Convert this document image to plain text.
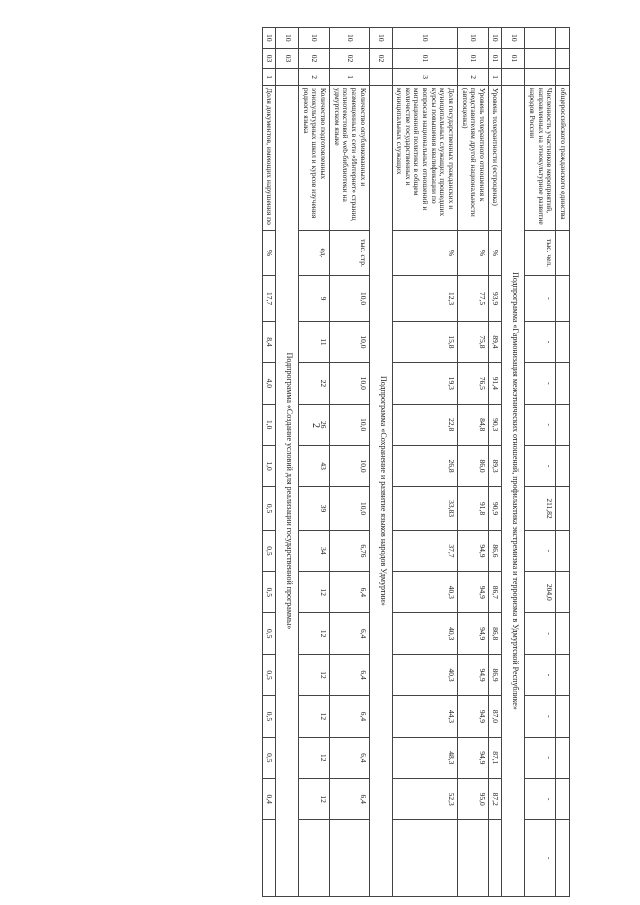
2
			общероссийского гражданского единства															
			Численность участников мероприятий, направленных на этнокультурное развитие народов России	тыс. чел.	-	-	-	-	-	211,82	-	204,0	-	-	-	-	-	-
10	01		Подпрограмма «Гармонизация межэтнических отношений, профилактика экстремизма и терроризма в Удмуртской Республике»															
10	01	1	Уровень толерантности (естроценка)	%	93,9	89,4	91,4	90,3	89,3	90,9	86,6	86,7	86,8	86,9	87,0	87,1	87,2	
10	01	2	Уровень толерантного отношения к представителям другой национальности (автооценка)	%	77,5	75,8	76,5	84,8	86,0	91,8	94,9	94,9	94,9	94,9	94,9	94,9	95,0	
10	01	3	Доля государственных гражданских и муниципальных служащих, прошедших курсы повышения квалификации по вопросам национальных отношений и миграционной политики в общем количестве государственных и муниципальных служащих	%	12,3	15,8	19,3	22,8	26,8	33,83	37,7	40,3	40,3	40,3	44,3	48,3	52,3	
10	02		Подпрограмма «Сохранение и развитие языков народов Удмуртии»															
10	02	1	Количество опубликованных и размещенных в сети «Интернет» страниц полнотекстовой web-библиотеки на удмуртском языке	тыс. стр.	10,0	10,0	10,0	10,0	10,0	10,0	6,76	6,4	6,4	6,4	6,4	6,4	6,4	
10	02	2	Количество подготовленных этнокультурных школ и курсов изучения родного языка	ед.	9	11	22	26	43	39	34	12	12	12	12	12	12	
10	03		Подпрограмма «Создание условий для реализации государственной программы»															
10	03	1	Доля документов, имеющих нарушения по	%	17,7	8,4	4,0	1,0	1,0	0,5	0,5	0,5	0,5	0,5	0,5	0,5	0,4	
